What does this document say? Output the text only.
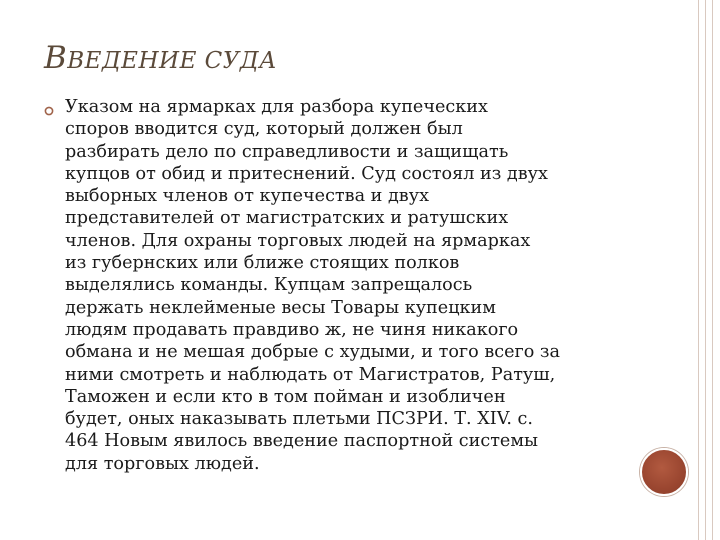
ВВЕДЕНИЕ СУДА
Указом на ярмарках для разбора купеческих
споров вводится суд, который должен был
разбирать дело по справедливости и защищать
купцов от обид и притеснений. Суд состоял из двух
выборных членов от купечества и двух
представителей от магистратских и ратушских
членов. Для охраны торговых людей на ярмарках
из губернских или ближе стоящих полков
выделялись команды. Купцам запрещалось
держать неклейменые весы Товары купецким
людям продавать правдиво ж, не чиня никакого
обмана и не мешая добрые с худыми, и того всего за
ними смотреть и наблюдать от Магистратов, Ратуш,
Таможен и если кто в том пойман и изобличен
будет, оных наказывать плетьми ПСЗРИ. Т. XIV. с.
464 Новым явилось введение паспортной системы
для торговых людей.
